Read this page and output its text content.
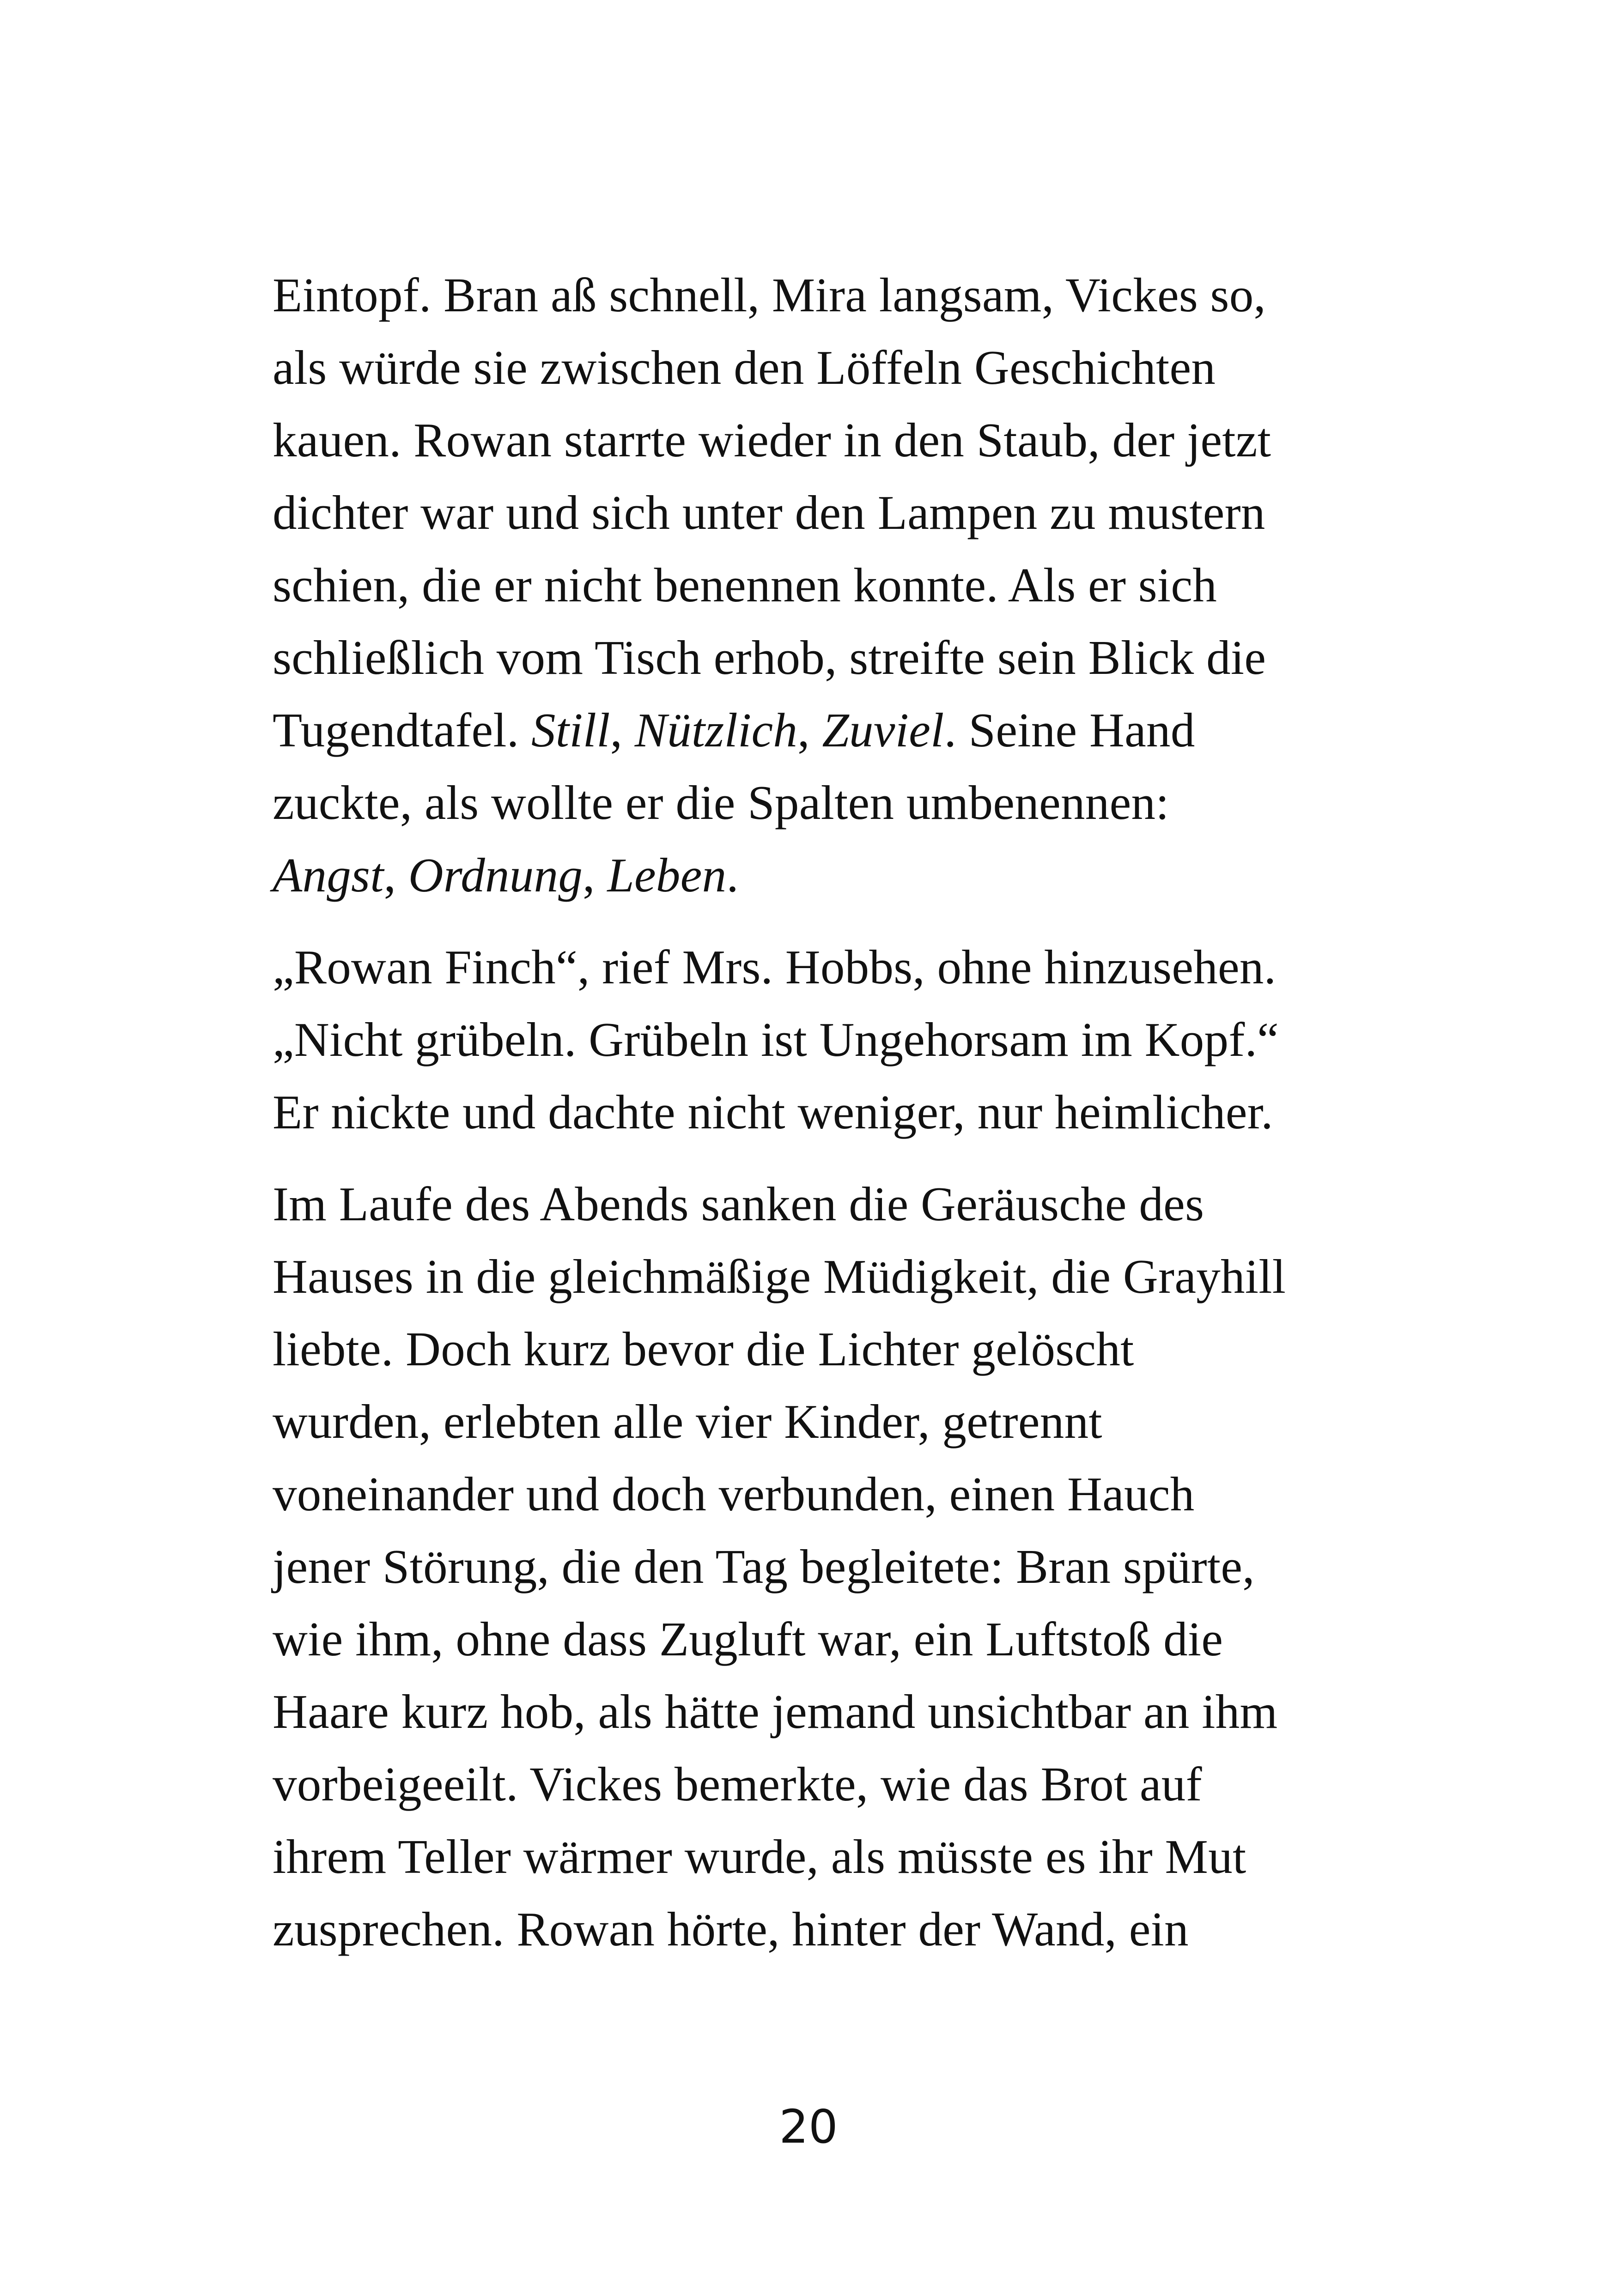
Eintopf. Bran aß schnell, Mira langsam, Vickes so,
als würde sie zwischen den Löffeln Geschichten
kauen. Rowan starrte wieder in den Staub, der jetzt
dichter war und sich unter den Lampen zu mustern
schien, die er nicht benennen konnte. Als er sich
schließlich vom Tisch erhob, streifte sein Blick die
Tugendtafel. Still, Nützlich, Zuviel. Seine Hand
zuckte, als wollte er die Spalten umbenennen:
Angst, Ordnung, Leben.

„Rowan Finch“, rief Mrs. Hobbs, ohne hinzusehen.
„Nicht grübeln. Grübeln ist Ungehorsam im Kopf.“
Er nickte und dachte nicht weniger, nur heimlicher.

Im Laufe des Abends sanken die Geräusche des
Hauses in die gleichmäßige Müdigkeit, die Grayhill
liebte. Doch kurz bevor die Lichter gelöscht
wurden, erlebten alle vier Kinder, getrennt
voneinander und doch verbunden, einen Hauch
jener Störung, die den Tag begleitete: Bran spürte,
wie ihm, ohne dass Zugluft war, ein Luftstoß die
Haare kurz hob, als hätte jemand unsichtbar an ihm
vorbeigeeilt. Vickes bemerkte, wie das Brot auf
ihrem Teller wärmer wurde, als müsste es ihr Mut
zusprechen. Rowan hörte, hinter der Wand, ein

20
